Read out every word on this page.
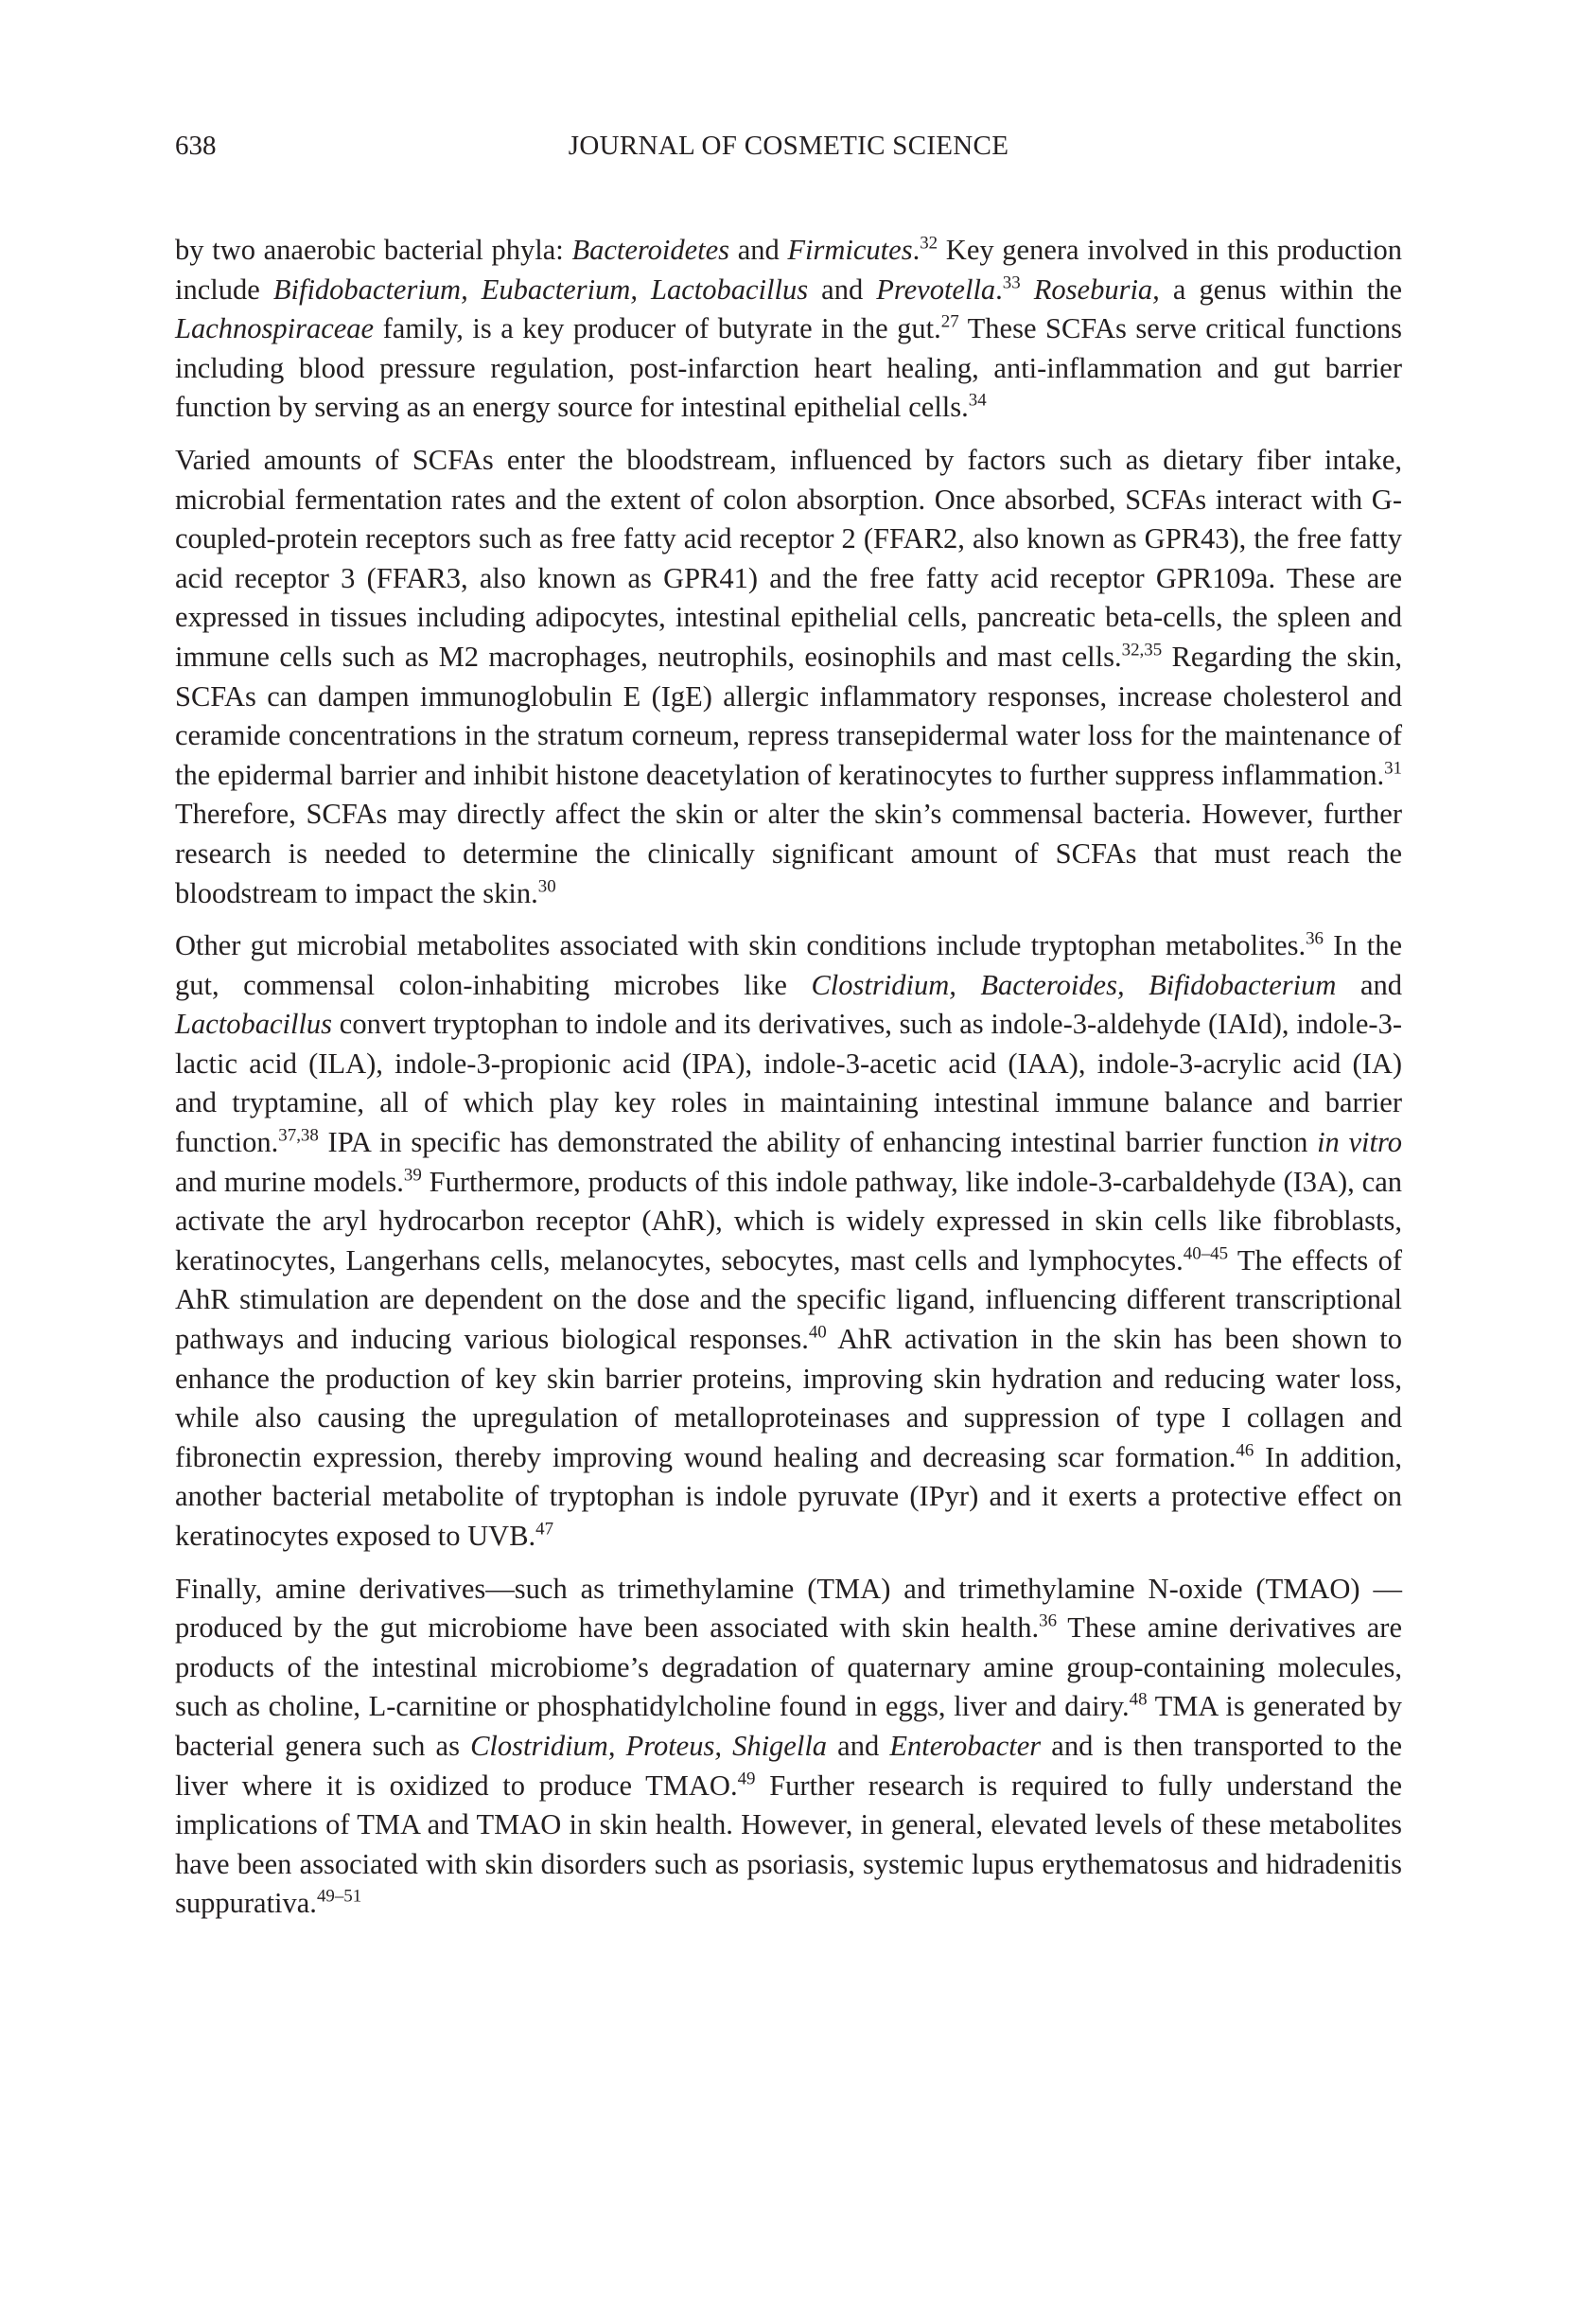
638	JOURNAL OF COSMETIC SCIENCE

by two anaerobic bacterial phyla: Bacteroidetes and Firmicutes.$^{32}$ Key genera involved in this production include Bifidobacterium, Eubacterium, Lactobacillus and Prevotella.$^{33}$ Roseburia, a genus within the Lachnospiraceae family, is a key producer of butyrate in the gut.$^{27}$ These SCFAs serve critical functions including blood pressure regulation, post-infarction heart healing, anti-inflammation and gut barrier function by serving as an energy source for intestinal epithelial cells.$^{34}$

Varied amounts of SCFAs enter the bloodstream, influenced by factors such as dietary fiber intake, microbial fermentation rates and the extent of colon absorption. Once absorbed, SCFAs interact with G-coupled-protein receptors such as free fatty acid receptor 2 (FFAR2, also known as GPR43), the free fatty acid receptor 3 (FFAR3, also known as GPR41) and the free fatty acid receptor GPR109a. These are expressed in tissues including adipocytes, intestinal epithelial cells, pancreatic beta-cells, the spleen and immune cells such as M2 macrophages, neutrophils, eosinophils and mast cells.$^{32,35}$ Regarding the skin, SCFAs can dampen immunoglobulin E (IgE) allergic inflammatory responses, increase cholesterol and ceramide concentrations in the stratum corneum, repress transepidermal water loss for the maintenance of the epidermal barrier and inhibit histone deacetylation of keratinocytes to further suppress inflammation.$^{31}$ Therefore, SCFAs may directly affect the skin or alter the skin’s commensal bacteria. However, further research is needed to determine the clinically significant amount of SCFAs that must reach the bloodstream to impact the skin.$^{30}$

Other gut microbial metabolites associated with skin conditions include tryptophan metabolites.$^{36}$ In the gut, commensal colon-inhabiting microbes like Clostridium, Bacteroides, Bifidobacterium and Lactobacillus convert tryptophan to indole and its derivatives, such as indole-3-aldehyde (IAId), indole-3-lactic acid (ILA), indole-3-propionic acid (IPA), indole-3-acetic acid (IAA), indole-3-acrylic acid (IA) and tryptamine, all of which play key roles in maintaining intestinal immune balance and barrier function.$^{37,38}$ IPA in specific has demonstrated the ability of enhancing intestinal barrier function in vitro and murine models.$^{39}$ Furthermore, products of this indole pathway, like indole-3-carbaldehyde (I3A), can activate the aryl hydrocarbon receptor (AhR), which is widely expressed in skin cells like fibroblasts, keratinocytes, Langerhans cells, melanocytes, sebocytes, mast cells and lymphocytes.$^{40-45}$ The effects of AhR stimulation are dependent on the dose and the specific ligand, influencing different transcriptional pathways and inducing various biological responses.$^{40}$ AhR activation in the skin has been shown to enhance the production of key skin barrier proteins, improving skin hydration and reducing water loss, while also causing the upregulation of metalloproteinases and suppression of type I collagen and fibronectin expression, thereby improving wound healing and decreasing scar formation.$^{46}$ In addition, another bacterial metabolite of tryptophan is indole pyruvate (IPyr) and it exerts a protective effect on keratinocytes exposed to UVB.$^{47}$

Finally, amine derivatives—such as trimethylamine (TMA) and trimethylamine N-oxide (TMAO) —produced by the gut microbiome have been associated with skin health.$^{36}$ These amine derivatives are products of the intestinal microbiome’s degradation of quaternary amine group-containing molecules, such as choline, L-carnitine or phosphatidylcholine found in eggs, liver and dairy.$^{48}$ TMA is generated by bacterial genera such as Clostridium, Proteus, Shigella and Enterobacter and is then transported to the liver where it is oxidized to produce TMAO.$^{49}$ Further research is required to fully understand the implications of TMA and TMAO in skin health. However, in general, elevated levels of these metabolites have been associated with skin disorders such as psoriasis, systemic lupus erythematosus and hidradenitis suppurativa.$^{49-51}$
